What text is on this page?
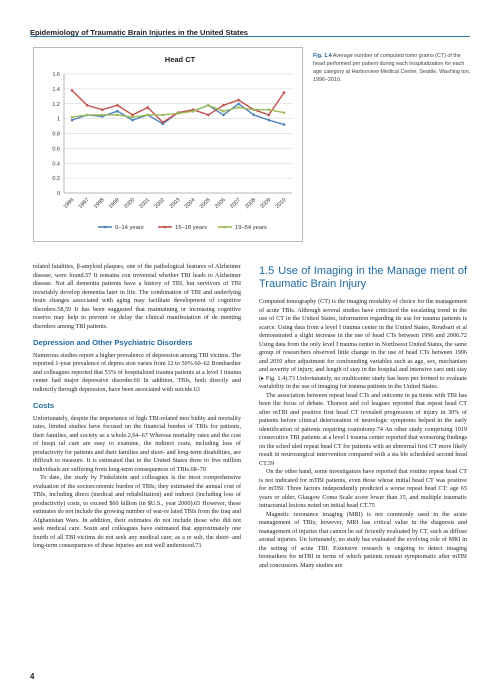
Epidemiology of Traumatic Brain Injuries in the United States
Head CT
0
0.2
0.4
0.6
0.8
1
1.2
1.4
1.6
1996 1997 1998 1999 2000 2001 2002 2003 2004 2005 2006 2007 2008 2009 2010
0–14 years	15–18 years	19–54 years
Fig. 1.4 Average number of computed tomo grams (CT) of the head performed per patient during each hospitalization for each age category at Harborview Medical Center, Seattle, Washing ton, 1996–2010.

related fatalities, β-amyloid plaques, one of the pathological features of Alzheimer disease, were found.57 It remains con troversial whether TBI leads to Alzheimer disease. Not all dementia patients have a history of TBI, but survivors of TBI invariably develop dementia later in life. The combination of TBI and underlying brain changes associated with aging may facilitate development of cognitive disorders.58,59 It has been suggested that maintaining or increasing cognitive reserve may help to prevent or delay the clinical manifestation of de menting disorders among TBI patients.

Depression and Other Psychiatric Disorders

Numerous studies report a higher prevalence of depression among TBI victims. The reported 1-year prevalence of depres sion varies from 12 to 50%.60–62 Bombardier and colleagues reported that 53% of hospitalized trauma patients at a level I trauma center had major depressive disorder.60 In addition, TBIs, both directly and indirectly through depression, have been associated with suicide.63

Costs

Unfortunately, despite the importance of high TBI-related mor bidity and mortality rates, limited studies have focused on the financial burden of TBIs for patients, their families, and society as a whole.2,64–67 Whereas mortality rates and the cost of hospi tal care are easy to examine, the indirect costs, including loss of productivity for patients and their families and short- and long-term disabilities, are difficult to measure. It is estimated that in the United States three to five million individuals are suffering from long-term consequences of TBIs.68–70

To date, the study by Finkelstein and colleagues is the most comprehensive evaluation of the socioeconomic burden of TBIs; they estimated the annual cost of TBIs, including direct (medical and rehabilitation) and indirect (including loss of productivity) costs, to exceed $60 billion (in $U.S., year 2000).65 However, these estimates do not include the growing number of war-re lated TBIs from the Iraq and Afghanistan Wars. In addition, their estimates do not include those who did not seek medical care. Sosin and colleagues have estimated that approximately one fourth of all TBI victims do not seek any medical care; as a re sult, the short- and long-term consequences of these injuries are not well understood.71

1.5 Use of Imaging in the Manage ment of Traumatic Brain Injury

Computed tomography (CT) is the imaging modality of choice for the management of acute TBIs. Although several studies have criticized the escalating trend in the use of CT in the United States, information regarding its use for trauma patients is scarce. Using data from a level I trauma center in the United States, Roudsari et al demonstrated a slight increase in the use of head CTs between 1996 and 2006.72 Using data from the only level I trauma center in Northwest United States, the same group of researchers observed little change in the use of head CTs between 1996 and 2010 after adjustment for confounding variables such as age, sex, mechanism and severity of injury, and length of stay in the hospital and intensive care unit stay (▸ Fig. 1.4).73 Unfortunately, no multicenter study has been per formed to evaluate variability in the use of imaging for trauma patients in the United States.

The association between repeat head CTs and outcome in pa tients with TBI has been the focus of debate. Thorson and col leagues reported that repeat head CT after mTBI and positive first head CT revealed progression of injury in 30% of patients before clinical deterioration of neurologic symptoms helped in the early identification of patients requiring craniotomy.74 An other study comprising 1019 consecutive TBI patients at a level I trauma center reported that worsening findings on the sched uled repeat head CT for patients with an abnormal first CT more likely result in neurosurgical intervention compared with a sta ble scheduled second head CT.59

On the other hand, some investigators have reported that routine repeat head CT is not indicated for mTBI patients, even those whose initial head CT was positive for mTBI. Three factors independently predicted a worse repeat head CT: age 65 years or older, Glasgow Coma Scale score lower than 15, and multiple traumatic intracranial lesions noted on initial head CT.75

Magnetic resonance imaging (MRI) is not commonly used in the acute management of TBIs; however, MRI has critical value in the diagnosis and management of injuries that cannot be suf ficiently evaluated by CT, such as diffuse axonal injuries. Un fortunately, no study has evaluated the evolving role of MRI in the setting of acute TBI. Extensive research is ongoing to detect imaging biomarkers for mTBI in terms of which patients remain symptomatic after mTBI and concussion. Many studies are

4
